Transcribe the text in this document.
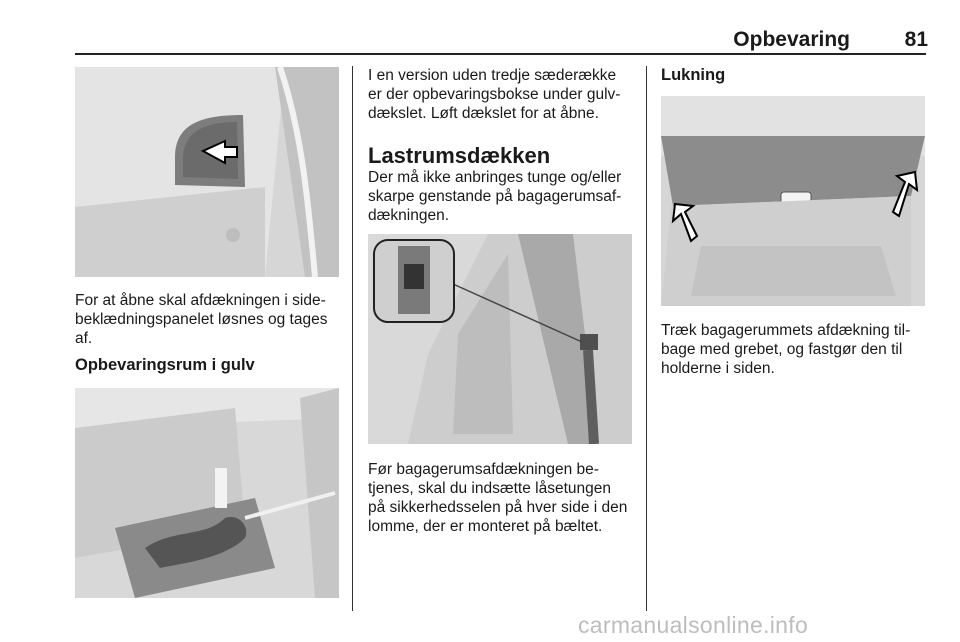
Opbevaring	81

For at åbne skal afdækningen i side-

beklædningspanelet løsnes og tages

af.

Opbevaringsrum i gulv

I en version uden tredje sæderække

er der opbevaringsbokse under gulv-

dækslet. Løft dækslet for at åbne.

Lastrumsdækken

Der må ikke anbringes tunge og/eller

skarpe genstande på bagagerumsaf-

dækningen.

Før bagagerumsafdækningen be-

tjenes, skal du indsætte låsetungen

på sikkerhedsselen på hver side i den

lomme, der er monteret på bæltet.

Lukning

Træk bagagerummets afdækning til-

bage med grebet, og fastgør den til

holderne i siden.

carmanualsonline.info
